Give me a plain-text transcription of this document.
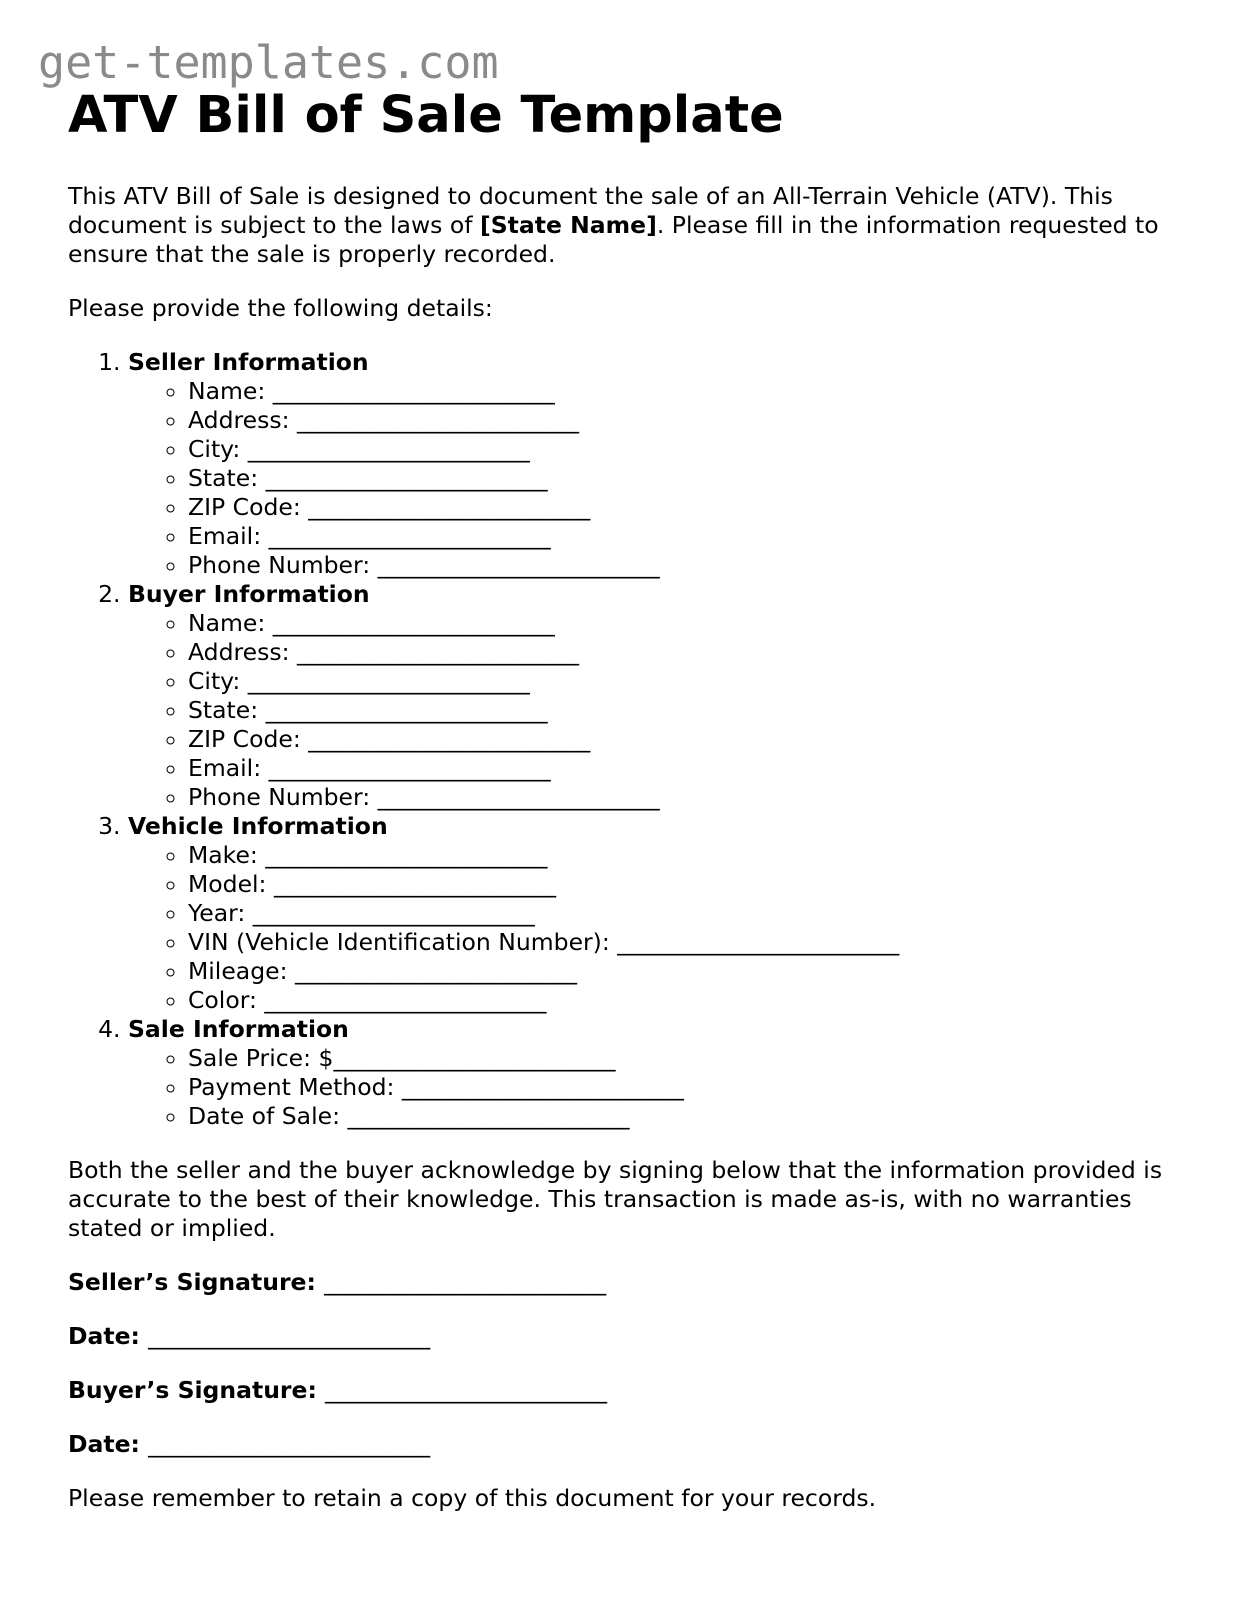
get-templates.com
ATV Bill of Sale Template

This ATV Bill of Sale is designed to document the sale of an All-Terrain Vehicle (ATV). This document is subject to the laws of [State Name]. Please fill in the information requested to ensure that the sale is properly recorded.

Please provide the following details:

1. Seller Information
◦ Name: ________________________
◦ Address: ________________________
◦ City: ________________________
◦ State: ________________________
◦ ZIP Code: ________________________
◦ Email: ________________________
◦ Phone Number: ________________________
2. Buyer Information
◦ Name: ________________________
◦ Address: ________________________
◦ City: ________________________
◦ State: ________________________
◦ ZIP Code: ________________________
◦ Email: ________________________
◦ Phone Number: ________________________
3. Vehicle Information
◦ Make: ________________________
◦ Model: ________________________
◦ Year: ________________________
◦ VIN (Vehicle Identification Number): ________________________
◦ Mileage: ________________________
◦ Color: ________________________
4. Sale Information
◦ Sale Price: $________________________
◦ Payment Method: ________________________
◦ Date of Sale: ________________________

Both the seller and the buyer acknowledge by signing below that the information provided is accurate to the best of their knowledge. This transaction is made as-is, with no warranties stated or implied.

Seller’s Signature: ________________________

Date: ________________________

Buyer’s Signature: ________________________

Date: ________________________

Please remember to retain a copy of this document for your records.
